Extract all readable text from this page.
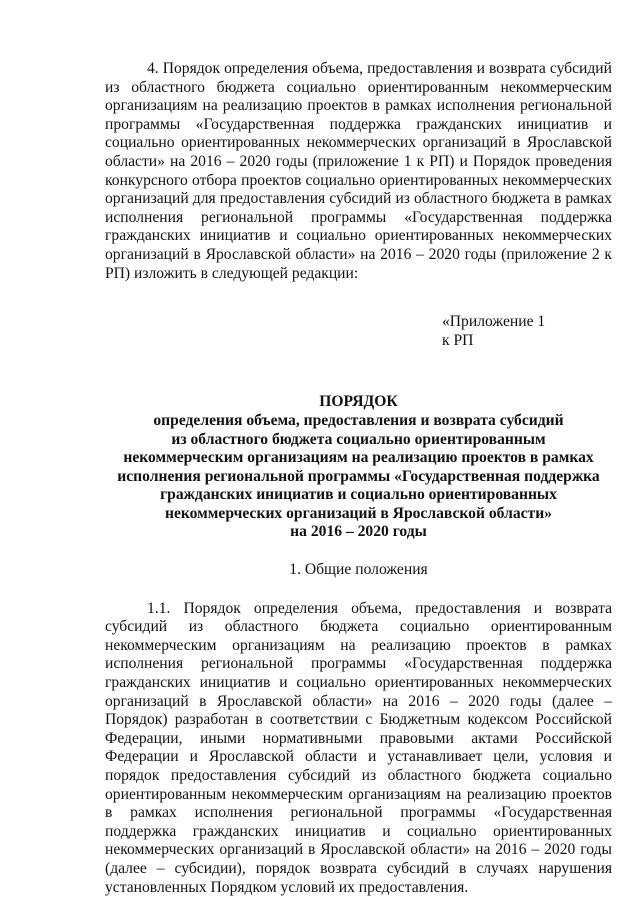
4. Порядок определения объема, предоставления и возврата субсидий из областного бюджета социально ориентированным некоммерческим организациям на реализацию проектов в рамках исполнения региональной программы «Государственная поддержка гражданских инициатив и социально ориентированных некоммерческих организаций в Ярославской области» на 2016 – 2020 годы (приложение 1 к РП) и Порядок проведения конкурсного отбора проектов социально ориентированных некоммерческих организаций для предоставления субсидий из областного бюджета в рамках исполнения региональной программы «Государственная поддержка гражданских инициатив и социально ориентированных некоммерческих организаций в Ярославской области» на 2016 – 2020 годы (приложение 2 к РП) изложить в следующей редакции:

«Приложение 1
к РП
ПОРЯДОК
определения объема, предоставления и возврата субсидий
из областного бюджета социально ориентированным
некоммерческим организациям на реализацию проектов в рамках
исполнения региональной программы «Государственная поддержка
гражданских инициатив и социально ориентированных
некоммерческих организаций в Ярославской области»
на 2016 – 2020 годы
1. Общие положения

1.1. Порядок определения объема, предоставления и возврата субсидий из областного бюджета социально ориентированным некоммерческим организациям на реализацию проектов в рамках исполнения региональной программы «Государственная поддержка гражданских инициатив и социально ориентированных некоммерческих организаций в Ярославской области» на 2016 – 2020 годы (далее – Порядок) разработан в соответствии с Бюджетным кодексом Российской Федерации, иными нормативными правовыми актами Российской Федерации и Ярославской области и устанавливает цели, условия и порядок предоставления субсидий из областного бюджета социально ориентированным некоммерческим организациям на реализацию проектов в рамках исполнения региональной программы «Государственная поддержка гражданских инициатив и социально ориентированных некоммерческих организаций в Ярославской области» на 2016 – 2020 годы (далее – субсидии), порядок возврата субсидий в случаях нарушения установленных Порядком условий их предоставления.
